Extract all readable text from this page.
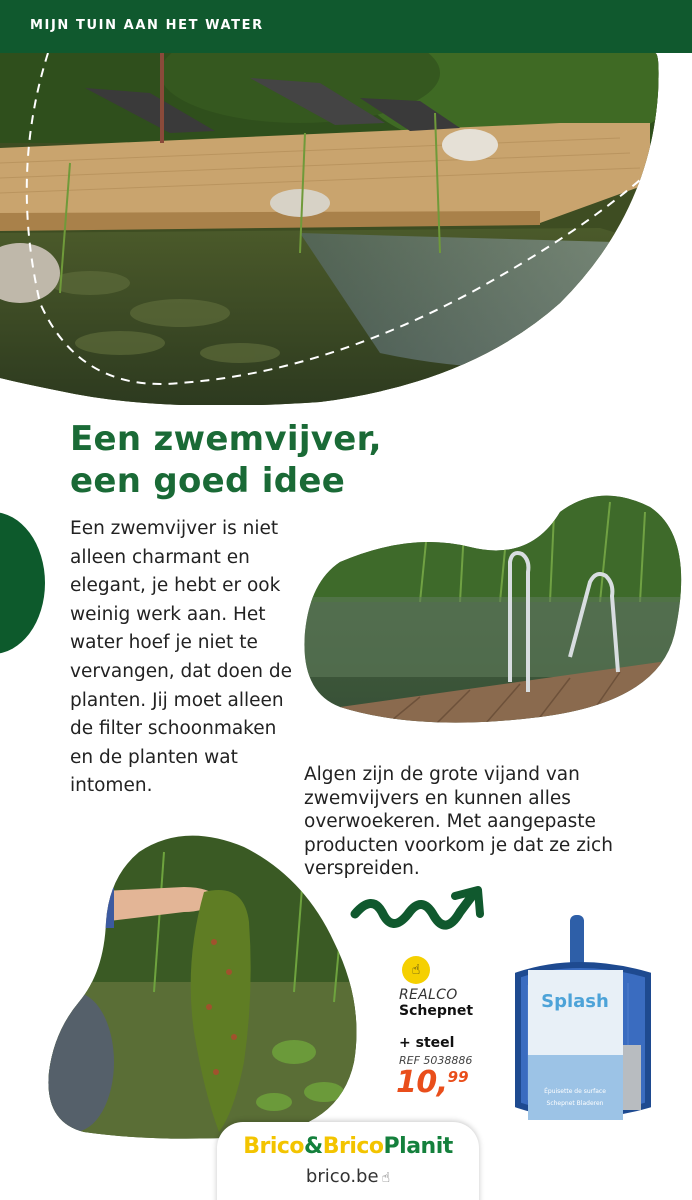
MIJN TUIN AAN HET WATER
Een zwemvijver,
een goed idee

Een zwemvijver is niet alleen charmant en elegant, je hebt er ook weinig werk aan. Het water hoef je niet te vervangen, dat doen de planten. Jij moet alleen de filter schoonmaken en de planten wat intomen.

Algen zijn de grote vijand van zwemvijvers en kunnen alles overwoekeren. Met aangepaste producten voorkom je dat ze zich verspreiden.

☝
REALCO
Schepnet
+ steel
REF 5038886
10,99
Splash
Épuisette de surface
Schepnet Bladeren
Brico&BricoPlanit
brico.be ☝
